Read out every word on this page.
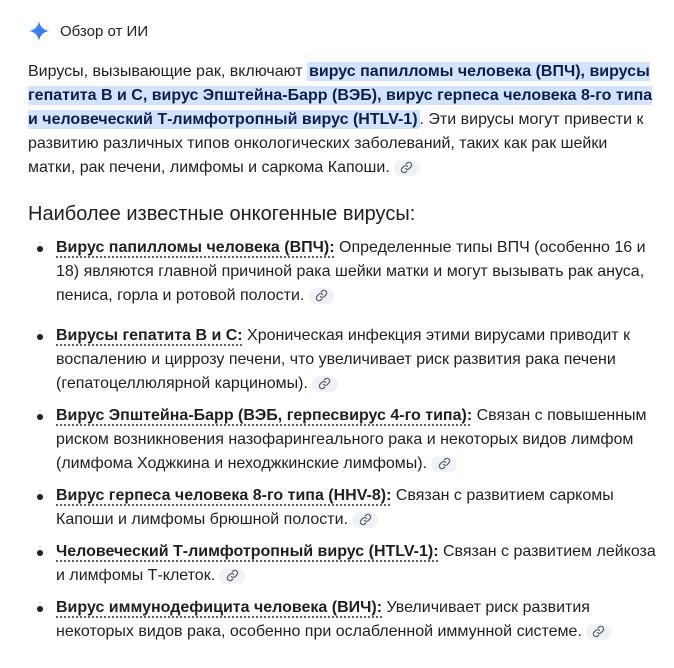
Обзор от ИИ

Вирусы, вызывающие рак, включают вирус папилломы человека (ВПЧ), вирусы гепатита В и С, вирус Эпштейна-Барр (ВЭБ), вирус герпеса человека 8-го типа и человеческий Т-лимфотропный вирус (HTLV-1) . Эти вирусы могут привести к развитию различных типов онкологических заболеваний, таких как рак шейки матки, рак печени, лимфомы и саркома Капоши.

Наиболее известные онкогенные вирусы:
Вирус папилломы человека (ВПЧ): Определенные типы ВПЧ (особенно 16 и 18) являются главной причиной рака шейки матки и могут вызывать рак ануса, пениса, горла и ротовой полости.
Вирусы гепатита В и С: Хроническая инфекция этими вирусами приводит к воспалению и циррозу печени, что увеличивает риск развития рака печени (гепатоцеллюлярной карциномы).
Вирус Эпштейна-Барр (ВЭБ, герпесвирус 4-го типа): Связан с повышенным риском возникновения назофарингеального рака и некоторых видов лимфом (лимфома Ходжкина и неходжкинские лимфомы).
Вирус герпеса человека 8-го типа (HHV-8): Связан с развитием саркомы Капоши и лимфомы брюшной полости.
Человеческий Т-лимфотропный вирус (HTLV-1): Связан с развитием лейкоза и лимфомы Т-клеток.
Вирус иммунодефицита человека (ВИЧ): Увеличивает риск развития некоторых видов рака, особенно при ослабленной иммунной системе.
